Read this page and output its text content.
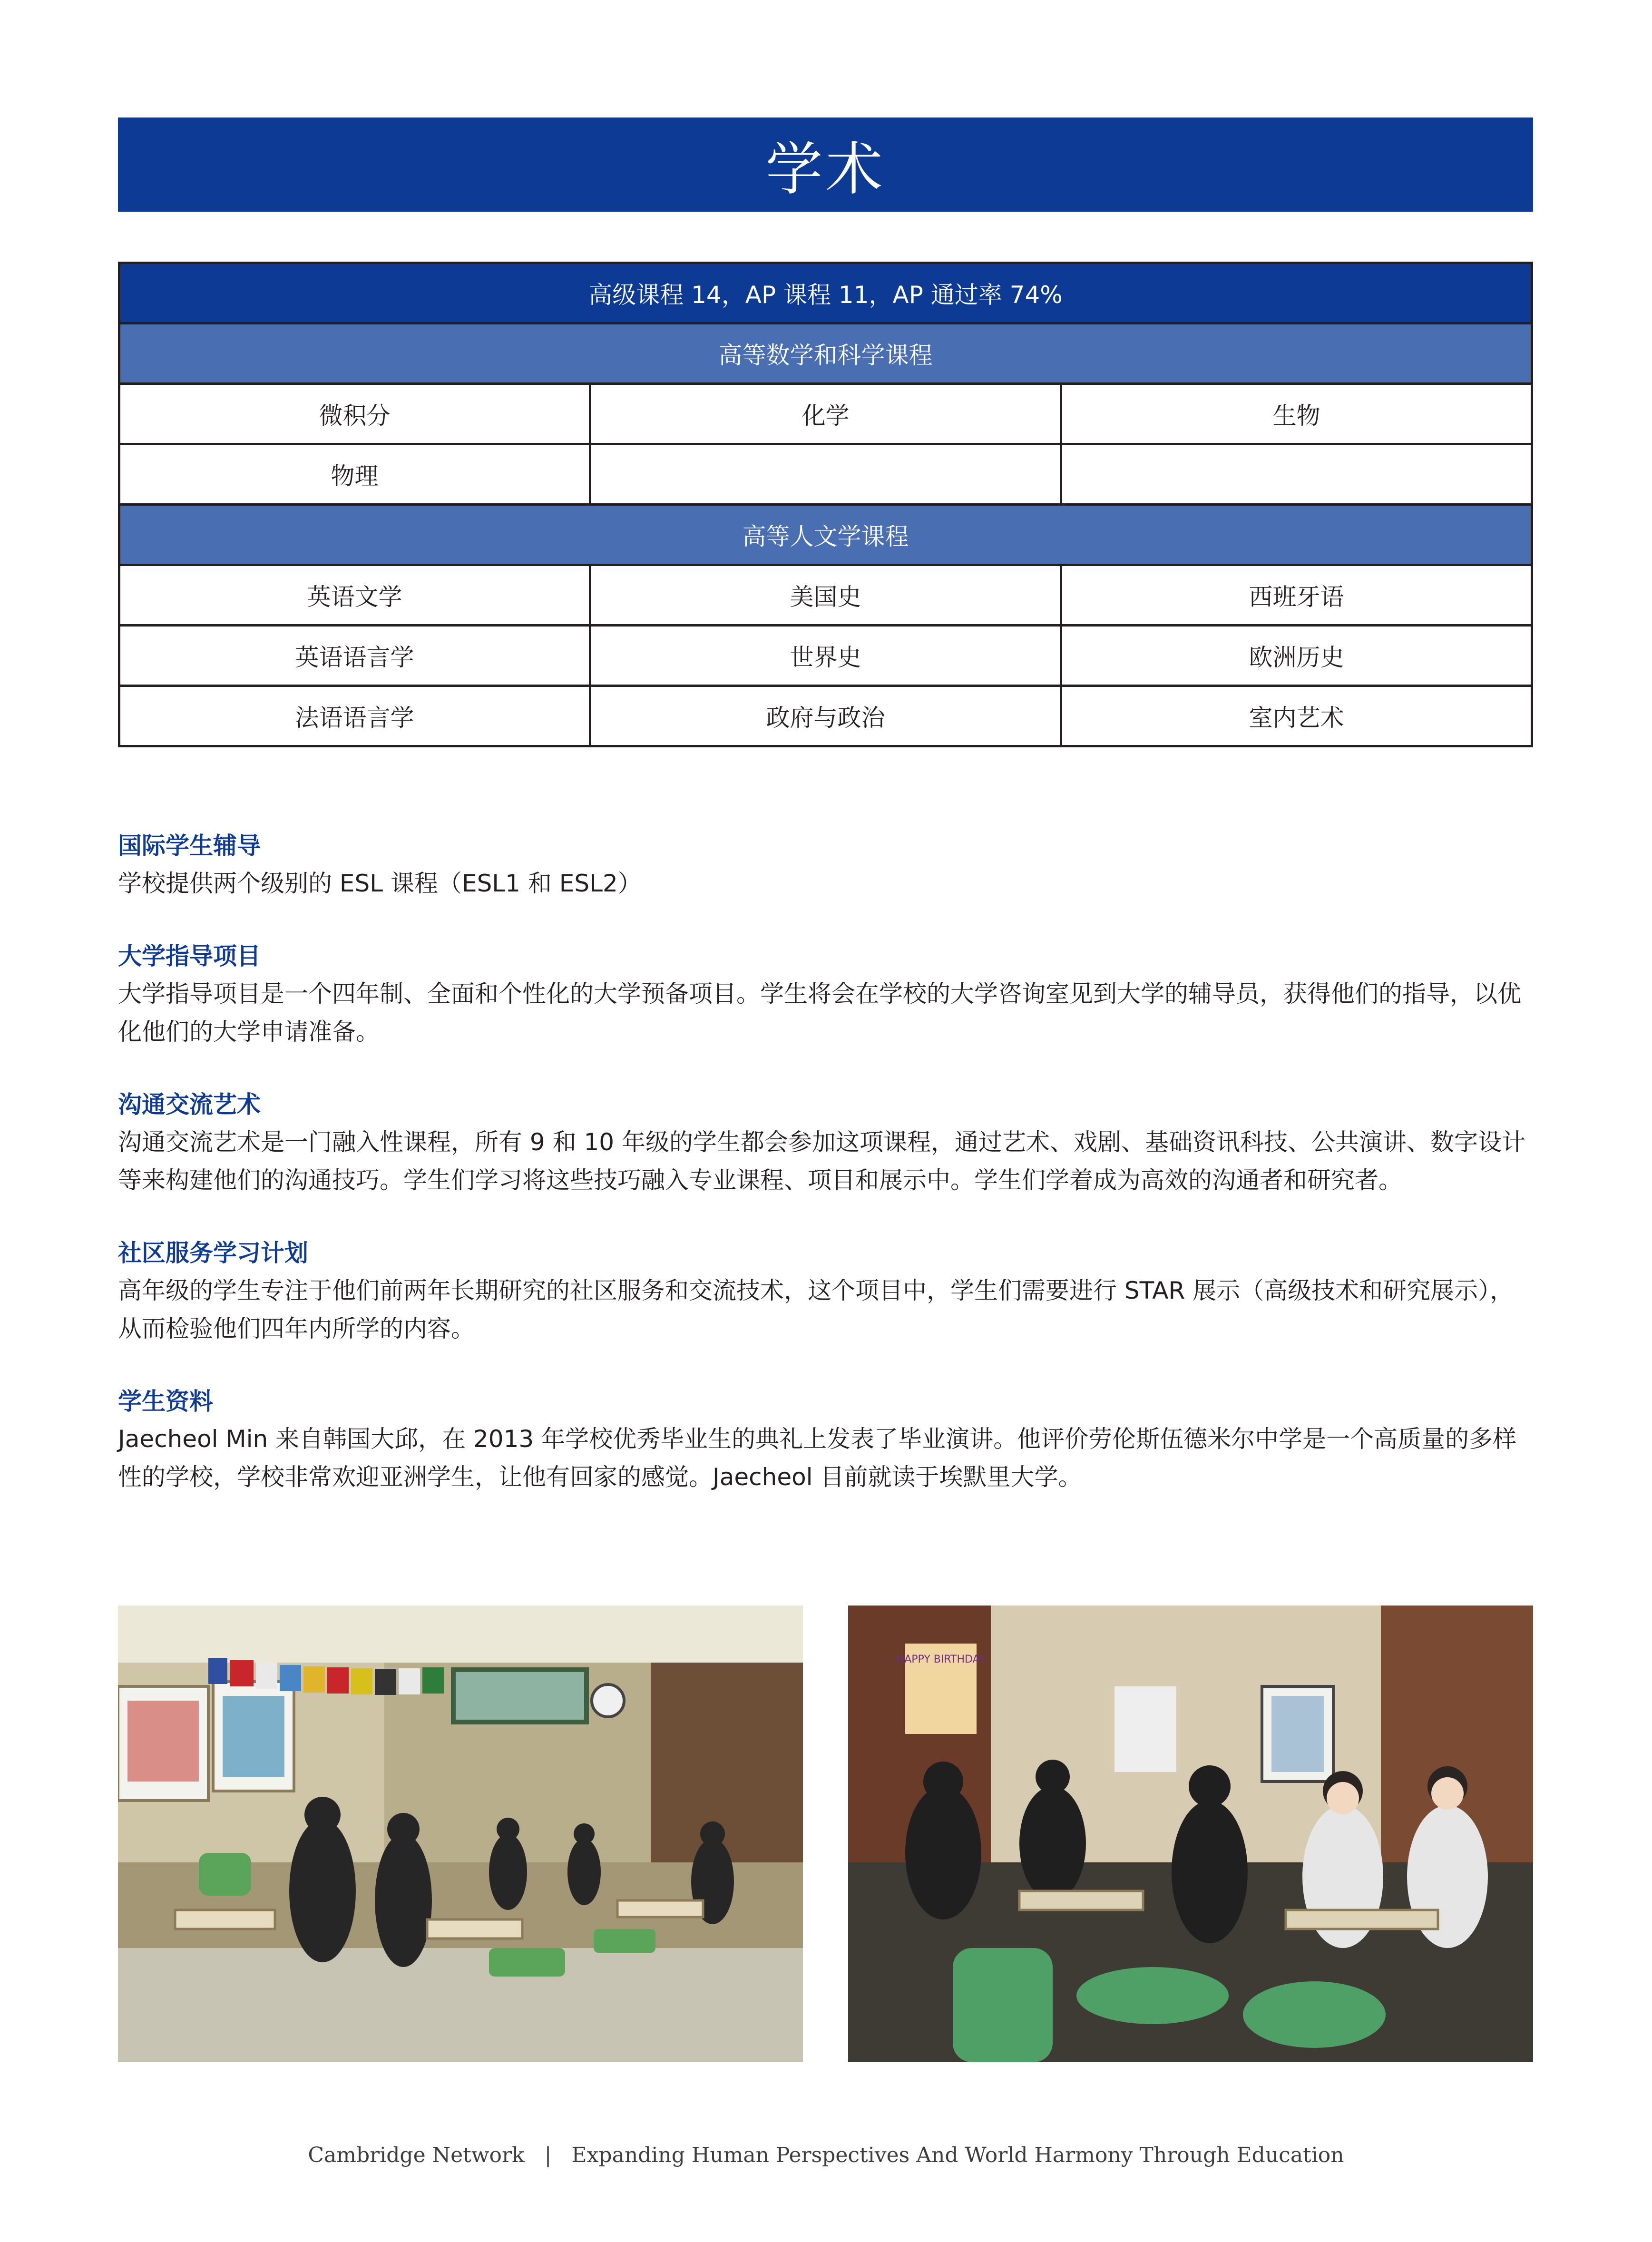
学术
高级课程 14，AP 课程 11，AP 通过率 74%		
高等数学和科学课程		
微积分	化学	生物
物理		
高等人文学课程		
英语文学	美国史	西班牙语
英语语言学	世界史	欧洲历史
法语语言学	政府与政治	室内艺术
国际学生辅导

学校提供两个级别的 ESL 课程（ESL1 和 ESL2）

大学指导项目

大学指导项目是一个四年制、全面和个性化的大学预备项目。学生将会在学校的大学咨询室见到大学的辅导员，获得他们的指导，以优化他们的大学申请准备。

沟通交流艺术

沟通交流艺术是一门融入性课程，所有 9 和 10 年级的学生都会参加这项课程，通过艺术、戏剧、基础资讯科技、公共演讲、数字设计等来构建他们的沟通技巧。学生们学习将这些技巧融入专业课程、项目和展示中。学生们学着成为高效的沟通者和研究者。

社区服务学习计划

高年级的学生专注于他们前两年长期研究的社区服务和交流技术，这个项目中，学生们需要进行 STAR 展示（高级技术和研究展示），从而检验他们四年内所学的内容。

学生资料

Jaecheol Min 来自韩国大邱，在 2013 年学校优秀毕业生的典礼上发表了毕业演讲。他评价劳伦斯伍德米尔中学是一个高质量的多样性的学校，学校非常欢迎亚洲学生，让他有回家的感觉。Jaecheol 目前就读于埃默里大学。

HAPPY BIRTHDAY
Cambridge Network | Expanding Human Perspectives And World Harmony Through Education
